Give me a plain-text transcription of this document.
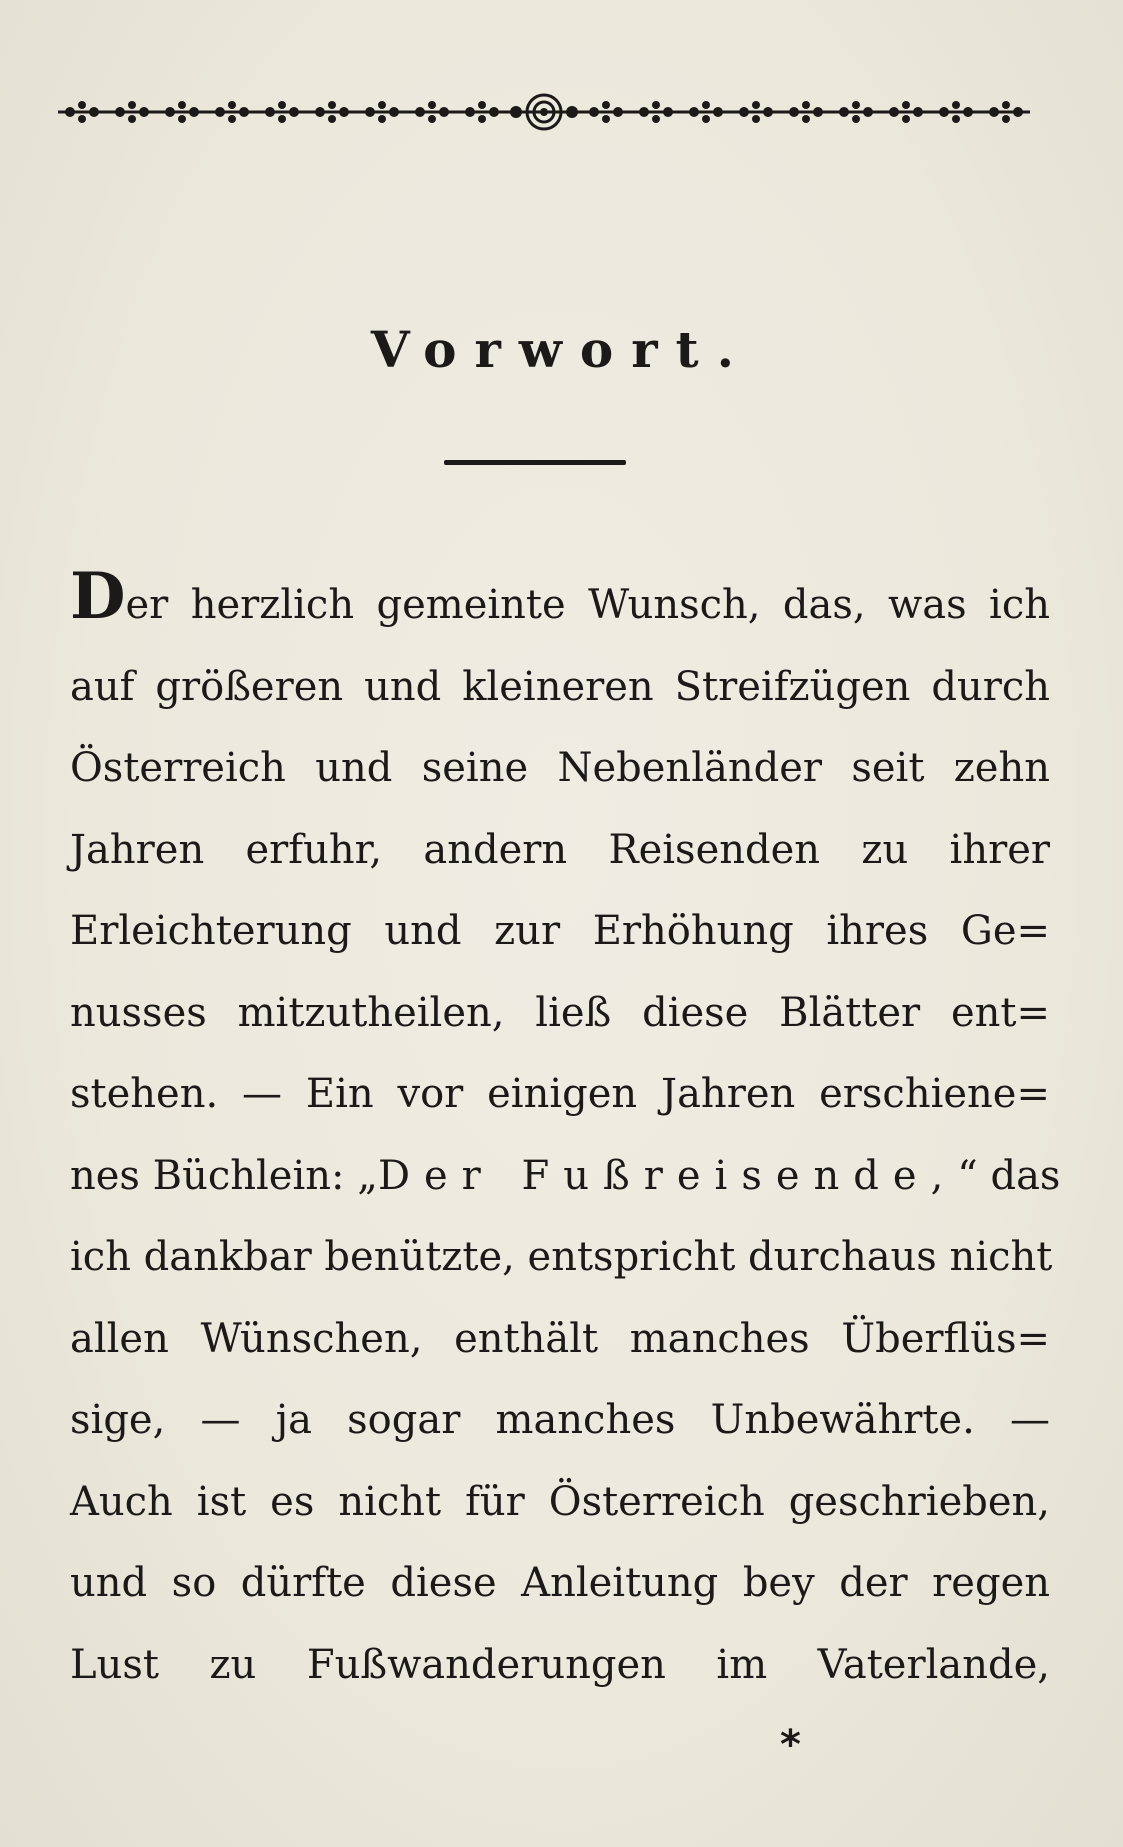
Vorwort.
Der herzlich gemeinte Wunsch, das, was ich
auf größeren und kleineren Streifzügen durch
Österreich und seine Nebenländer seit zehn
Jahren erfuhr, andern Reisenden zu ihrer
Erleichterung und zur Erhöhung ihres Ge=
nusses mitzutheilen, ließ diese Blätter ent=
stehen. — Ein vor einigen Jahren erschiene=
nes Büchlein: „Der Fußreisende,“ das
ich dankbar benützte, entspricht durchaus nicht
allen Wünschen, enthält manches Überflüs=
sige, — ja sogar manches Unbewährte. —
Auch ist es nicht für Österreich geschrieben,
und so dürfte diese Anleitung bey der regen
Lust zu Fußwanderungen im Vaterlande,
*
